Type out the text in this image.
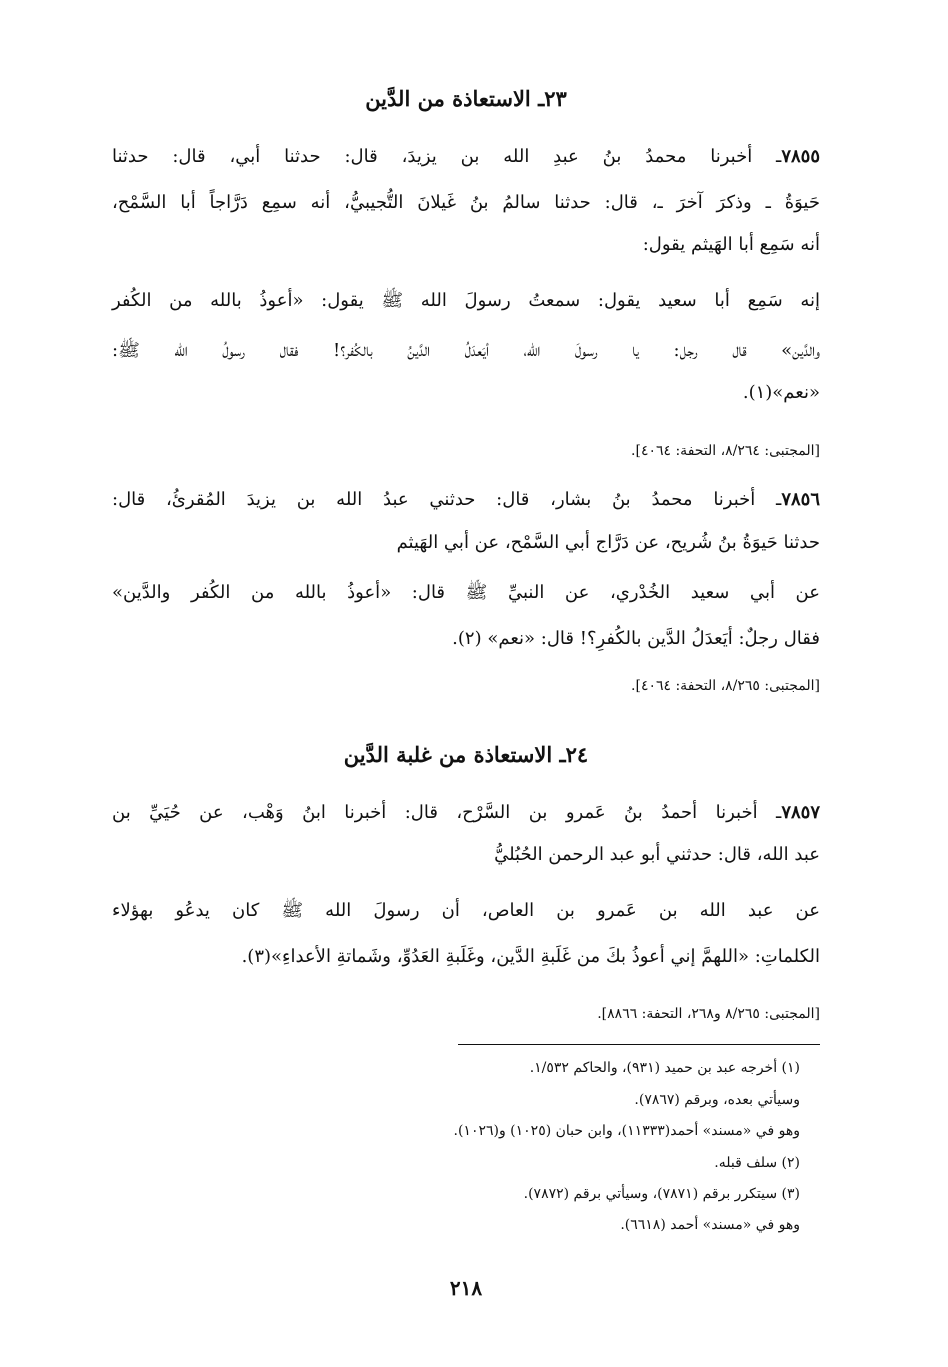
٢٣ـ الاستعاذة من الدَّين
٧٨٥٥ـ أخبرنا محمدُ بنُ عبدِ الله بن يزيدَ، قال: حدثنا أبي، قال: حدثنا
حَيوَةُ ـ وذكرَ آخرَ ـ، قال: حدثنا سالمُ بنُ غَيلانَ التُّجيبيُّ، أنه سمِع دَرَّاجاً أبا السَّمْح،
أنه سَمِع أبا الهَيثم يقول:
إنه سَمِع أبا سعيد يقول: سمعتُ رسولَ الله ﷺ يقول: «أعوذُ بالله من الكُفر
والدَّين» قال رجل: يا رسولَ الله، أيَعدَلُ الدَّينُ بالكُفر؟! فقال رسولُ الله ﷺ:
«نعم»(١).
[المجتبى: ٨/٢٦٤، التحفة: ٤٠٦٤].
٧٨٥٦ـ أخبرنا محمدُ بنُ بشار، قال: حدثني عبدُ الله بن يزيدَ المُقرئُ، قال:
حدثنا حَيوَةُ بنُ شُريح، عن دَرَّاج أبي السَّمْح، عن أبي الهَيثم
عن أبي سعيد الخُدْري، عن النبيِّ ﷺ قال: «أعوذُ بالله من الكُفر والدَّين»
فقال رجلٌ: أيَعدَلُ الدَّين بالكُفرِ؟! قال: «نعم» (٢).
[المجتبى: ٨/٢٦٥، التحفة: ٤٠٦٤].
٢٤ـ الاستعاذة من غلبة الدَّين
٧٨٥٧ـ أخبرنا أحمدُ بنُ عَمرو بن السَّرْح، قال: أخبرنا ابنُ وَهْب، عن حُيَيِّ بن
عبد الله، قال: حدثني أبو عبد الرحمن الحُبُليُّ
عن عبد الله بن عَمرو بن العاص، أن رسولَ الله ﷺ كان يدعُو بهؤلاء
الكلماتِ: «اللهمَّ إني أعوذُ بكَ من غَلَبةِ الدَّين، وغَلَبةِ العَدُوِّ، وشَماتةِ الأعداءِ»(٣).
[المجتبى: ٨/٢٦٥ و٢٦٨، التحفة: ٨٨٦٦].
(١) أخرجه عبد بن حميد (٩٣١)، والحاكم ١/٥٣٢.
وسيأتي بعده، وبرقم (٧٨٦٧).
وهو في «مسند» أحمد(١١٣٣٣)، وابن حبان (١٠٢٥) و(١٠٢٦).
(٢) سلف قبله.
(٣) سيتكرر برقم (٧٨٧١)، وسيأتي برقم (٧٨٧٢).
وهو في «مسند» أحمد (٦٦١٨).
٢١٨
